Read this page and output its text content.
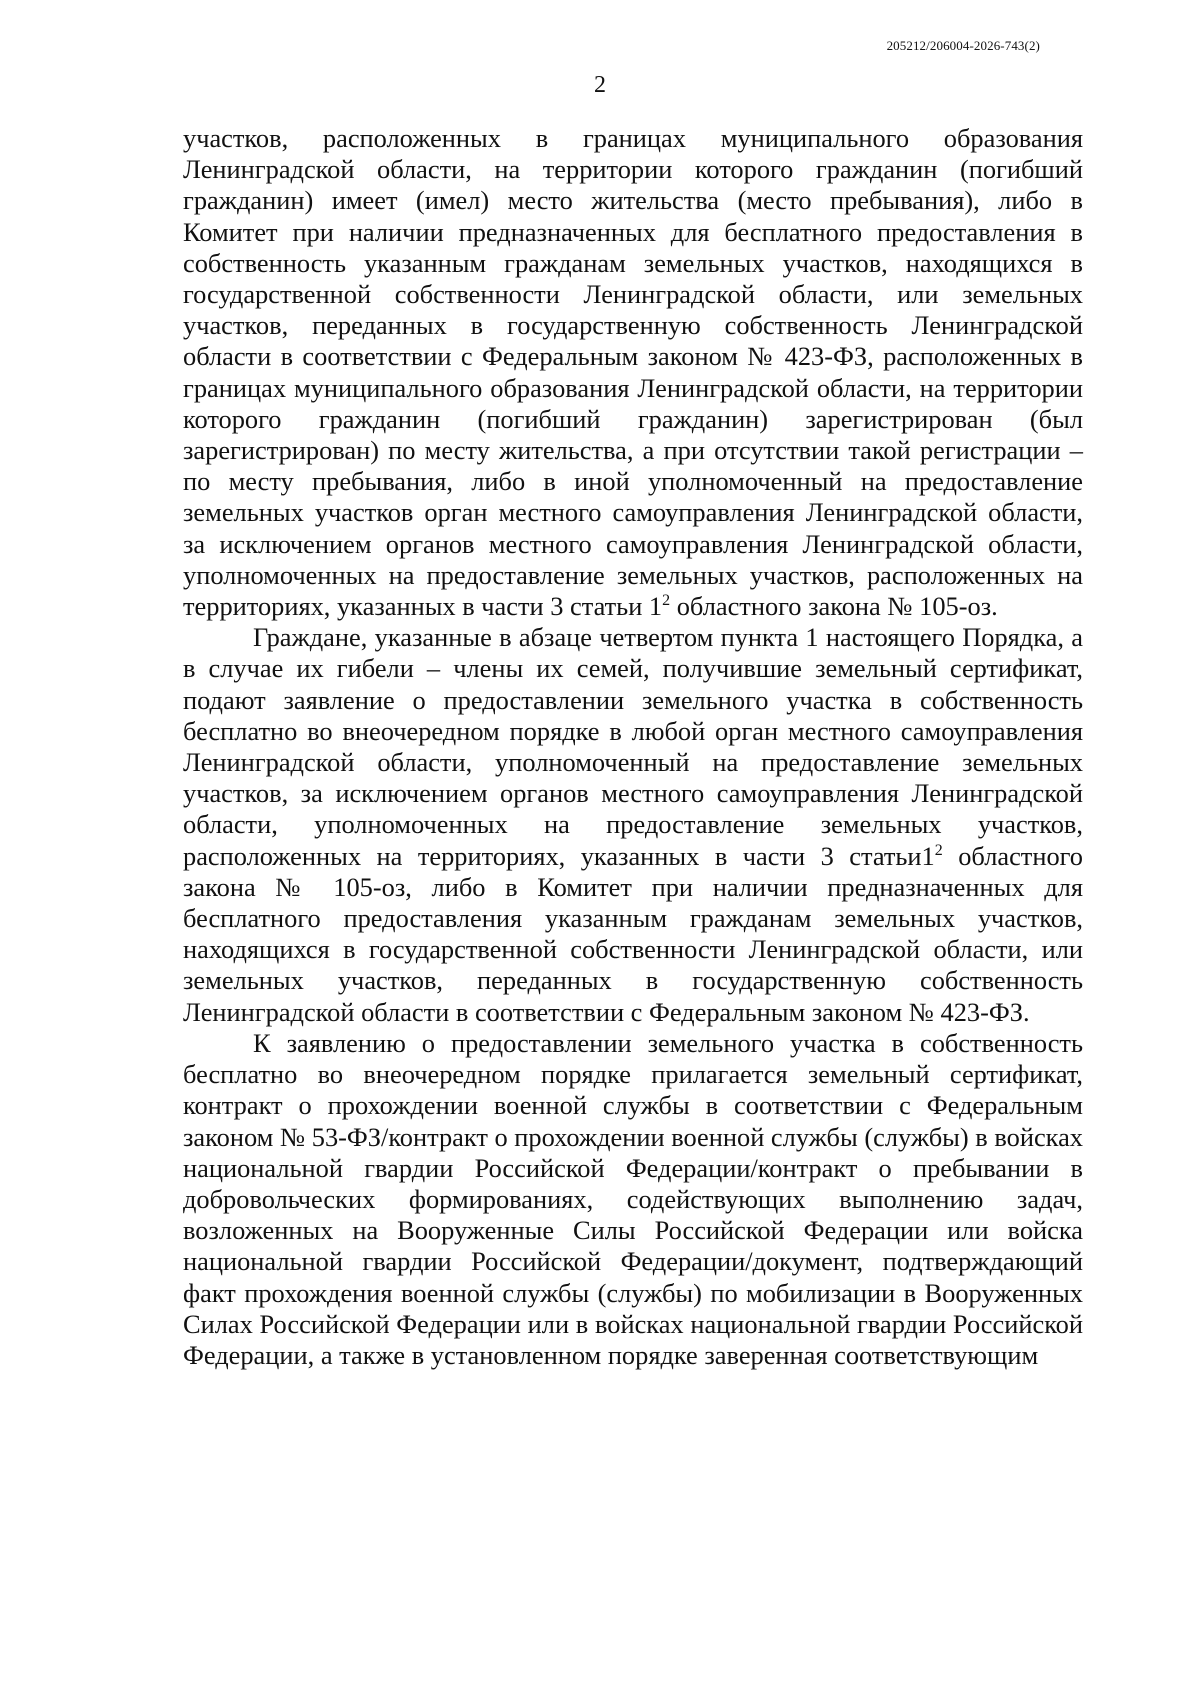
205212/206004-2026-743(2)
2

участков, расположенных в границах муниципального образования Ленинградской области, на территории которого гражданин (погибший гражданин) имеет (имел) место жительства (место пребывания), либо в Комитет при наличии предназначенных для бесплатного предоставления в собственность указанным гражданам земельных участков, находящихся в государственной собственности Ленинградской области, или земельных участков, переданных в государственную собственность Ленинградской области в соответствии с Федеральным законом № 423-ФЗ, расположенных в границах муниципального образования Ленинградской области, на территории которого гражданин (погибший гражданин) зарегистрирован (был зарегистрирован) по месту жительства, а при отсутствии такой регистрации – по месту пребывания, либо в иной уполномоченный на предоставление земельных участков орган местного самоуправления Ленинградской области, за исключением органов местного самоуправления Ленинградской области, уполномоченных на предоставление земельных участков, расположенных на территориях, указанных в части 3 статьи $1^2$ областного закона № 105-оз.

Граждане, указанные в абзаце четвертом пункта 1 настоящего Порядка, а в случае их гибели – члены их семей, получившие земельный сертификат, подают заявление о предоставлении земельного участка в собственность бесплатно во внеочередном порядке в любой орган местного самоуправления Ленинградской области, уполномоченный на предоставление земельных участков, за исключением органов местного самоуправления Ленинградской области, уполномоченных на предоставление земельных участков, расположенных на территориях, указанных в части 3 $статьи1^2$ областного закона № 105-оз, либо в Комитет при наличии предназначенных для бесплатного предоставления указанным гражданам земельных участков, находящихся в государственной собственности Ленинградской области, или земельных участков, переданных в государственную собственность Ленинградской области в соответствии с Федеральным законом № 423-ФЗ.

К заявлению о предоставлении земельного участка в собственность бесплатно во внеочередном порядке прилагается земельный сертификат, контракт о прохождении военной службы в соответствии с Федеральным законом № 53-ФЗ/контракт о прохождении военной службы (службы) в войсках национальной гвардии Российской Федерации/контракт о пребывании в добровольческих формированиях, содействующих выполнению задач, возложенных на Вооруженные Силы Российской Федерации или войска национальной гвардии Российской Федерации/документ, подтверждающий факт прохождения военной службы (службы) по мобилизации в Вооруженных Силах Российской Федерации или в войсках национальной гвардии Российской Федерации, а также в установленном порядке заверенная соответствующим
